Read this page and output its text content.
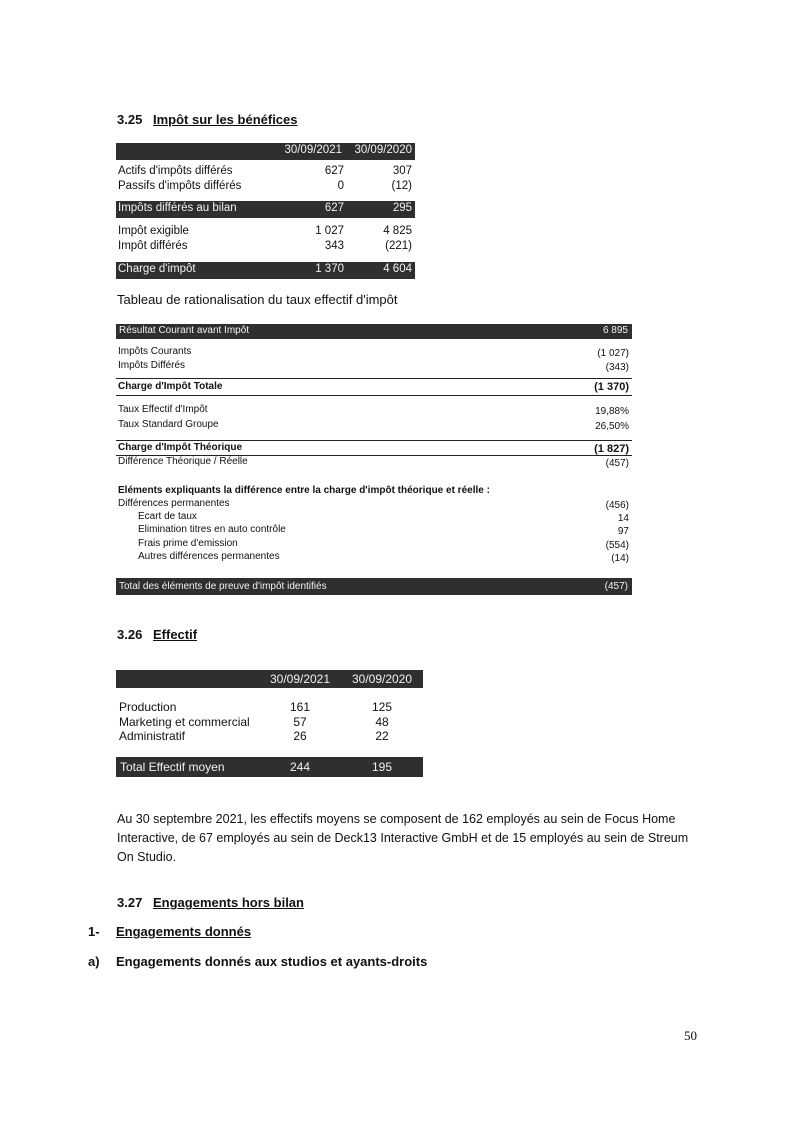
3.25 Impôt sur les bénéfices
30/09/2021	30/09/2020
Actifs d'impôts différés	627	307
Passifs d'impôts différés	0	(12)
Impôts différés au bilan	627	295
Impôt exigible	1 027	4 825
Impôt différés	343	(221)
Charge d'impôt	1 370	4 604
Tableau de rationalisation du taux effectif d'impôt
Résultat Courant avant Impôt	6 895
Impôts Courants	(1 027)
Impôts Différés	(343)
Charge d'Impôt Totale	(1 370)
Taux Effectif d'Impôt	19,88%
Taux Standard Groupe	26,50%
Charge d'Impôt Théorique	(1 827)
Différence Théorique / Réelle	(457)
Eléments expliquants la différence entre la charge d'impôt théorique et réelle :
Différences permanentes	(456)
Ecart de taux	14
Elimination titres en auto contrôle	97
Frais prime d'emission	(554)
Autres différences permanentes	(14)
Total des éléments de preuve d'impôt identifiés	(457)
3.26 Effectif
30/09/2021	30/09/2020
Production	161	125
Marketing et commercial	57	48
Administratif	26	22
Total Effectif moyen	244	195
Au 30 septembre 2021, les effectifs moyens se composent de 162 employés au sein de Focus Home Interactive, de 67 employés au sein de Deck13 Interactive GmbH et de 15 employés au sein de Streum On Studio.
3.27 Engagements hors bilan
1- Engagements donnés
a) Engagements donnés aux studios et ayants-droits
50
